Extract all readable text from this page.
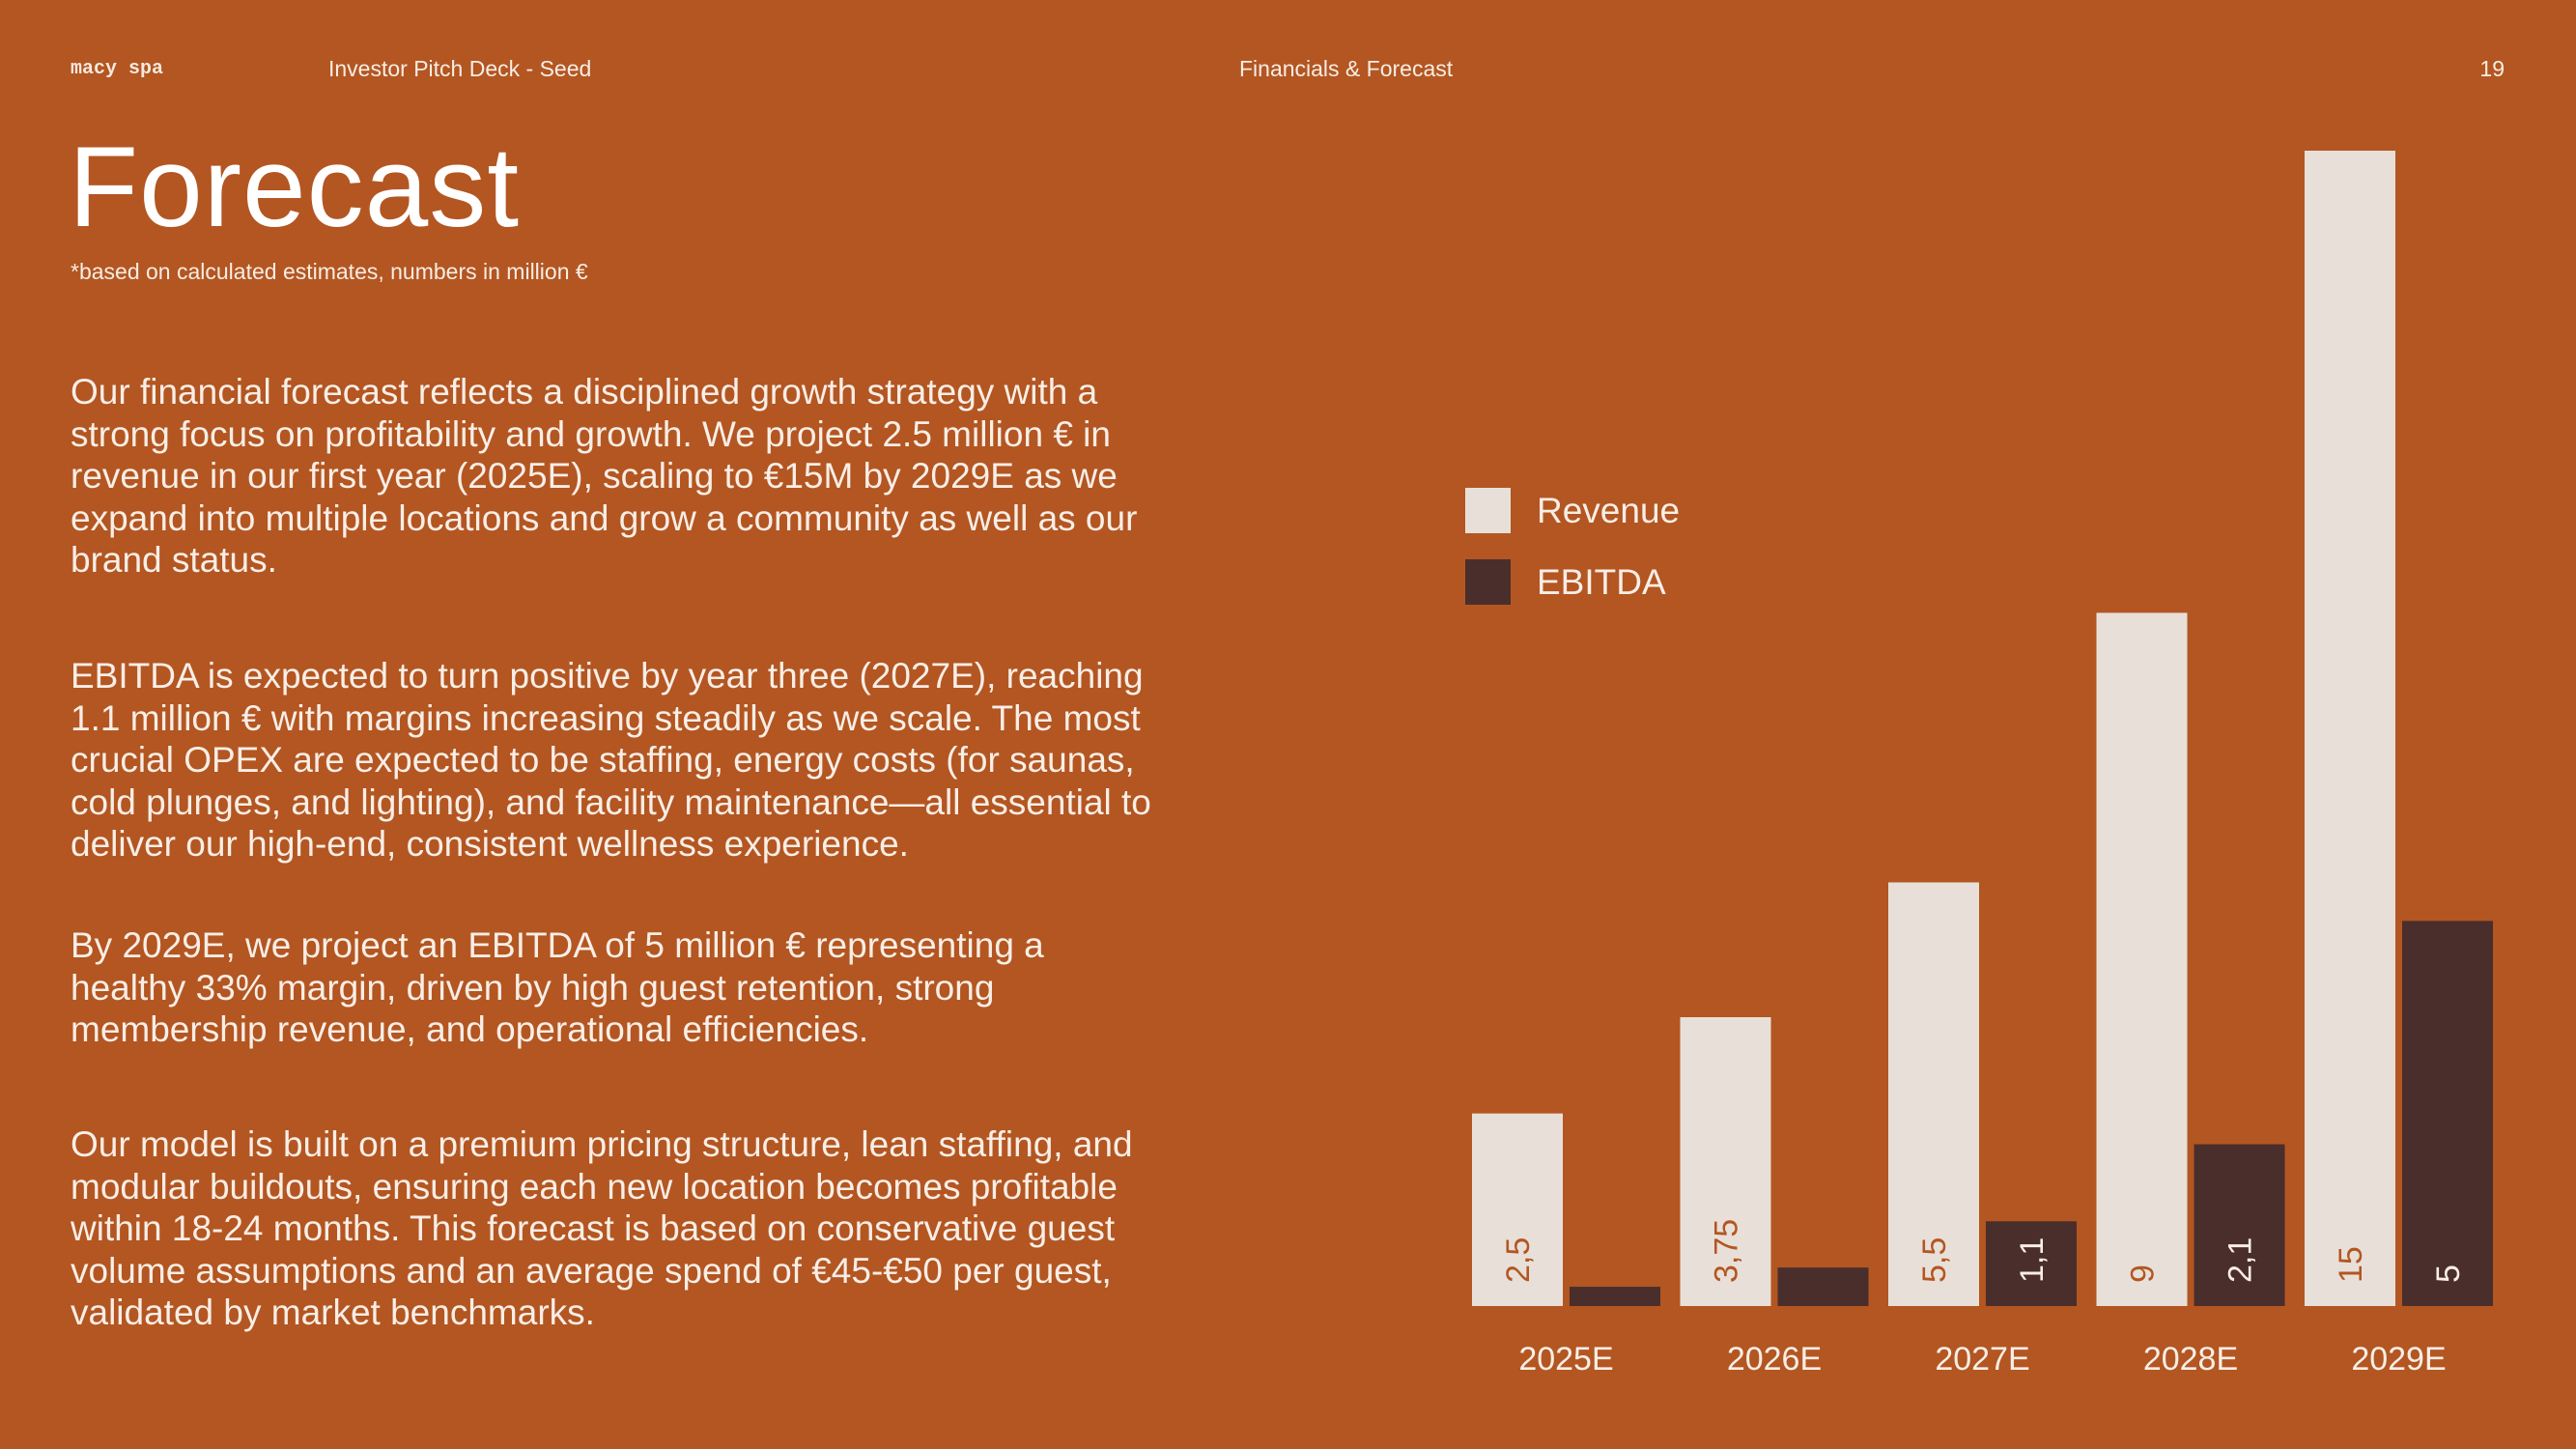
macy spa	Investor Pitch Deck - Seed	Financials & Forecast	19
Forecast
*based on calculated estimates, numbers in million €

Our financial forecast reflects a disciplined growth strategy with a strong focus on profitability and growth. We project 2.5 million € in revenue in our first year (2025E), scaling to €15M by 2029E as we expand into multiple locations and grow a community as well as our brand status.

EBITDA is expected to turn positive by year three (2027E), reaching 1.1 million € with margins increasing steadily as we scale. The most crucial OPEX are expected to be staffing, energy costs (for saunas, cold plunges, and lighting), and facility maintenance—all essential to deliver our high-end, consistent wellness experience.

By 2029E, we project an EBITDA of 5 million € representing a healthy 33% margin, driven by high guest retention, strong membership revenue, and operational efficiencies.

Our model is built on a premium pricing structure, lean staffing, and modular buildouts, ensuring each new location becomes profitable within 18-24 months. This forecast is based on conservative guest volume assumptions and an average spend of €45-€50 per guest, validated by market benchmarks.

Revenue
EBITDA
2,5
2025E
3,75
2026E
5,5 1,1
2027E
9 2,1
2028E
15 5
2029E
